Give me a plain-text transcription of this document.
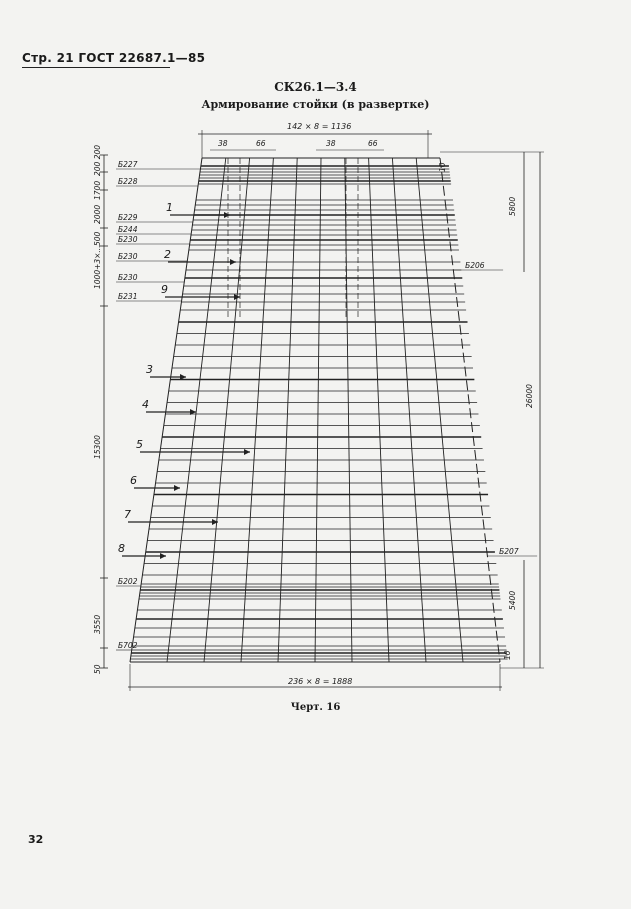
Стр. 21 ГОСТ 22687.1—85
СК26.1—3.4
Армирование стойки (в развертке)
1
2
9
3
4
5
6
7
8
Б227
Б228
Б229
Б244
Б230
Б230
Б230
Б231
Б202
Б702
Б206
Б207
200 200
1700
2000
500
1000+3×...
15300
3550
50
10
5800
26000
5400
10
142 × 8 = 1136
38	66	38	66
236 × 8 = 1888
Черт. 16
32
